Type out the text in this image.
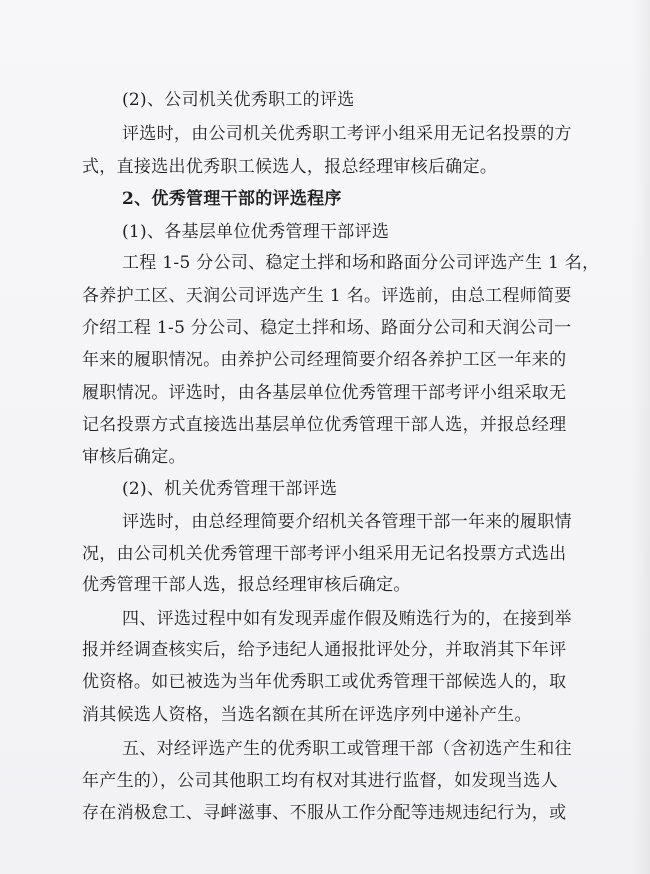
(2)、公司机关优秀职工的评选
评选时，由公司机关优秀职工考评小组采用无记名投票的方
式，直接选出优秀职工候选人，报总经理审核后确定。
2、优秀管理干部的评选程序
(1)、各基层单位优秀管理干部评选
工程 1-5 分公司、稳定土拌和场和路面分公司评选产生 1 名，
各养护工区、天润公司评选产生 1 名。评选前，由总工程师简要
介绍工程 1-5 分公司、稳定土拌和场、路面分公司和天润公司一
年来的履职情况。由养护公司经理简要介绍各养护工区一年来的
履职情况。评选时，由各基层单位优秀管理干部考评小组采取无
记名投票方式直接选出基层单位优秀管理干部人选，并报总经理
审核后确定。
(2)、机关优秀管理干部评选
评选时，由总经理简要介绍机关各管理干部一年来的履职情
况，由公司机关优秀管理干部考评小组采用无记名投票方式选出
优秀管理干部人选，报总经理审核后确定。
四、评选过程中如有发现弄虚作假及贿选行为的，在接到举
报并经调查核实后，给予违纪人通报批评处分，并取消其下年评
优资格。如已被选为当年优秀职工或优秀管理干部候选人的，取
消其候选人资格，当选名额在其所在评选序列中递补产生。
五、对经评选产生的优秀职工或管理干部（含初选产生和往
年产生的），公司其他职工均有权对其进行监督，如发现当选人
存在消极怠工、寻衅滋事、不服从工作分配等违规违纪行为，或
